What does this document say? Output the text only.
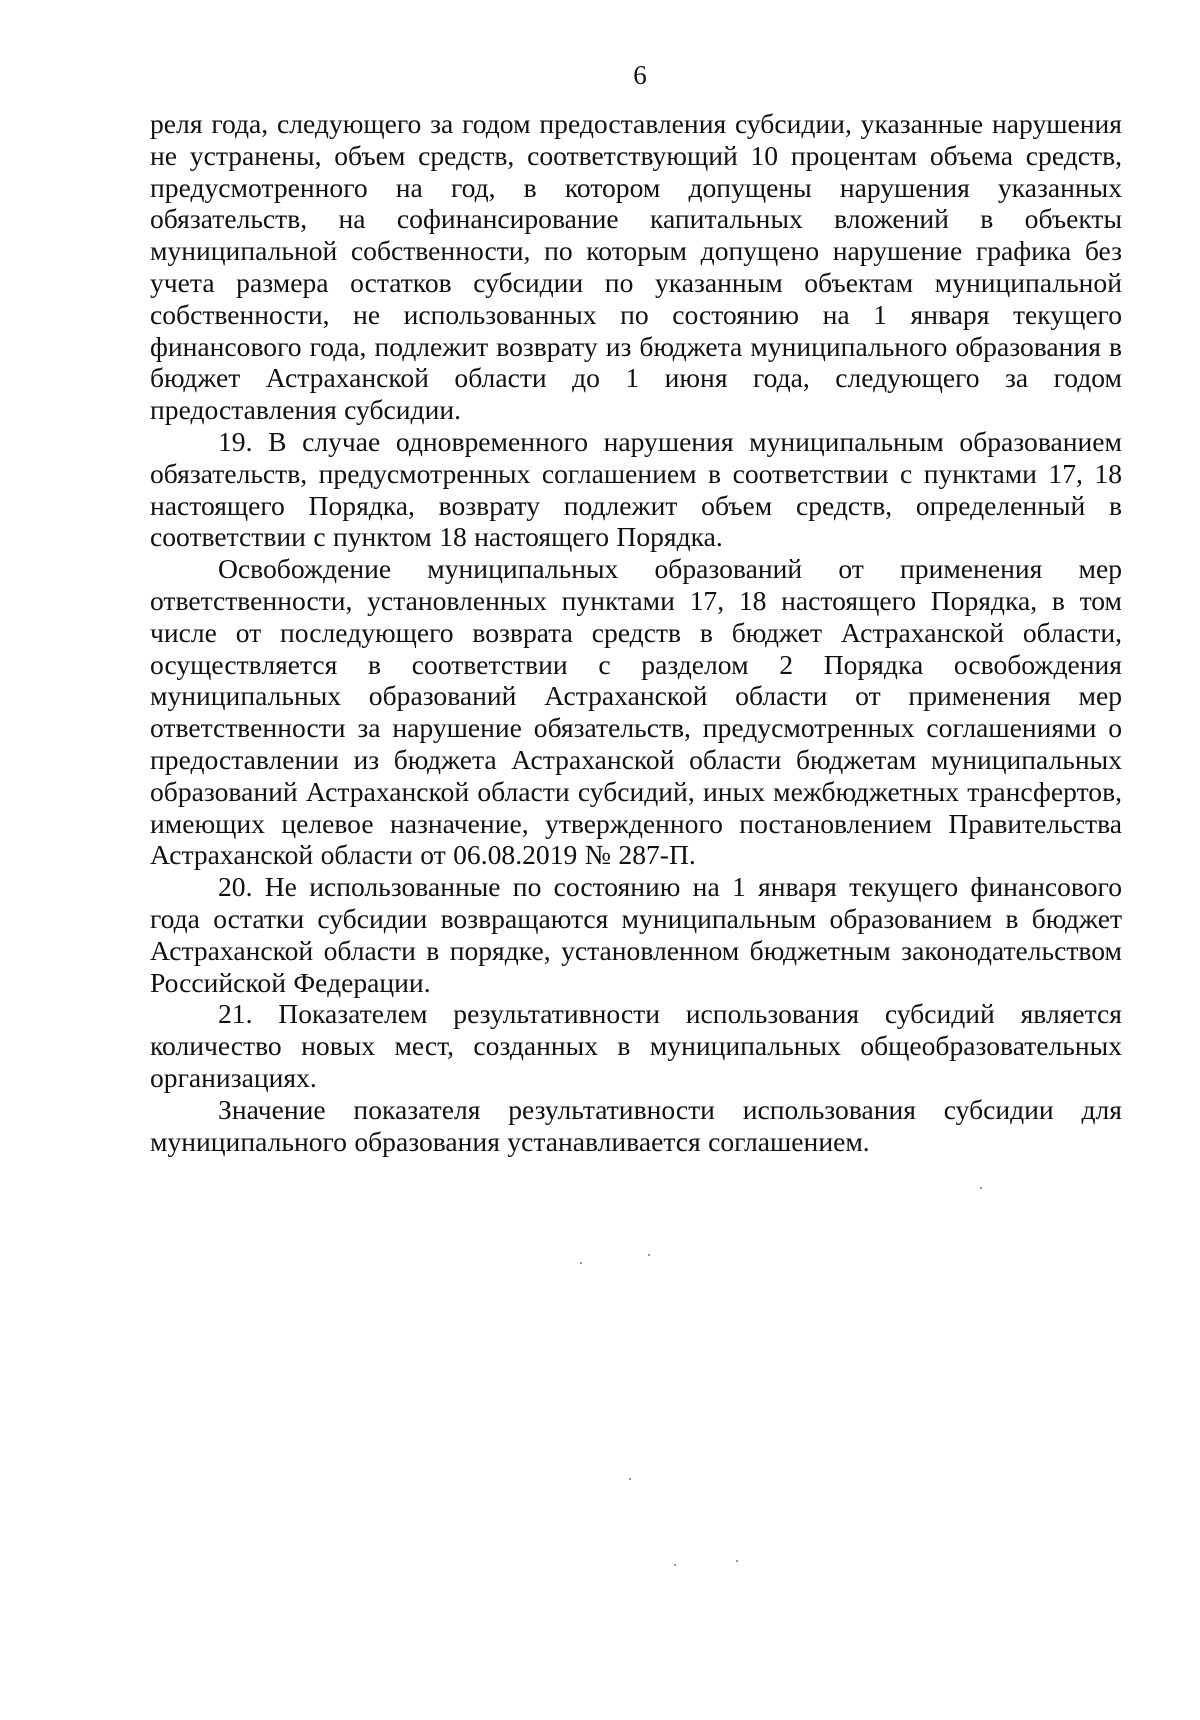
6

реля года, следующего за годом предоставления субсидии, указанные нарушения не устранены, объем средств, соответствующий 10 процентам объема средств, предусмотренного на год, в котором допущены нарушения указанных обязательств, на софинансирование капитальных вложений в объекты муниципальной собственности, по которым допущено нарушение графика без учета размера остатков субсидии по указанным объектам муниципальной собственности, не использованных по состоянию на 1 января текущего финансового года, подлежит возврату из бюджета муниципального образования в бюджет Астраханской области до 1 июня года, следующего за годом предоставления субсидии.

19. В случае одновременного нарушения муниципальным образованием обязательств, предусмотренных соглашением в соответствии с пунктами 17, 18 настоящего Порядка, возврату подлежит объем средств, определенный в соответствии с пунктом 18 настоящего Порядка.

Освобождение муниципальных образований от применения мер ответственности, установленных пунктами 17, 18 настоящего Порядка, в том числе от последующего возврата средств в бюджет Астраханской области, осуществляется в соответствии с разделом 2 Порядка освобождения муниципальных образований Астраханской области от применения мер ответственности за нарушение обязательств, предусмотренных соглашениями о предоставлении из бюджета Астраханской области бюджетам муниципальных образований Астраханской области субсидий, иных межбюджетных трансфертов, имеющих целевое назначение, утвержденного постановлением Правительства Астраханской области от 06.08.2019 № 287-П.

20. Не использованные по состоянию на 1 января текущего финансового года остатки субсидии возвращаются муниципальным образованием в бюджет Астраханской области в порядке, установленном бюджетным законодательством Российской Федерации.

21. Показателем результативности использования субсидий является количество новых мест, созданных в муниципальных общеобразовательных организациях.

Значение показателя результативности использования субсидии для муниципального образования устанавливается соглашением.
